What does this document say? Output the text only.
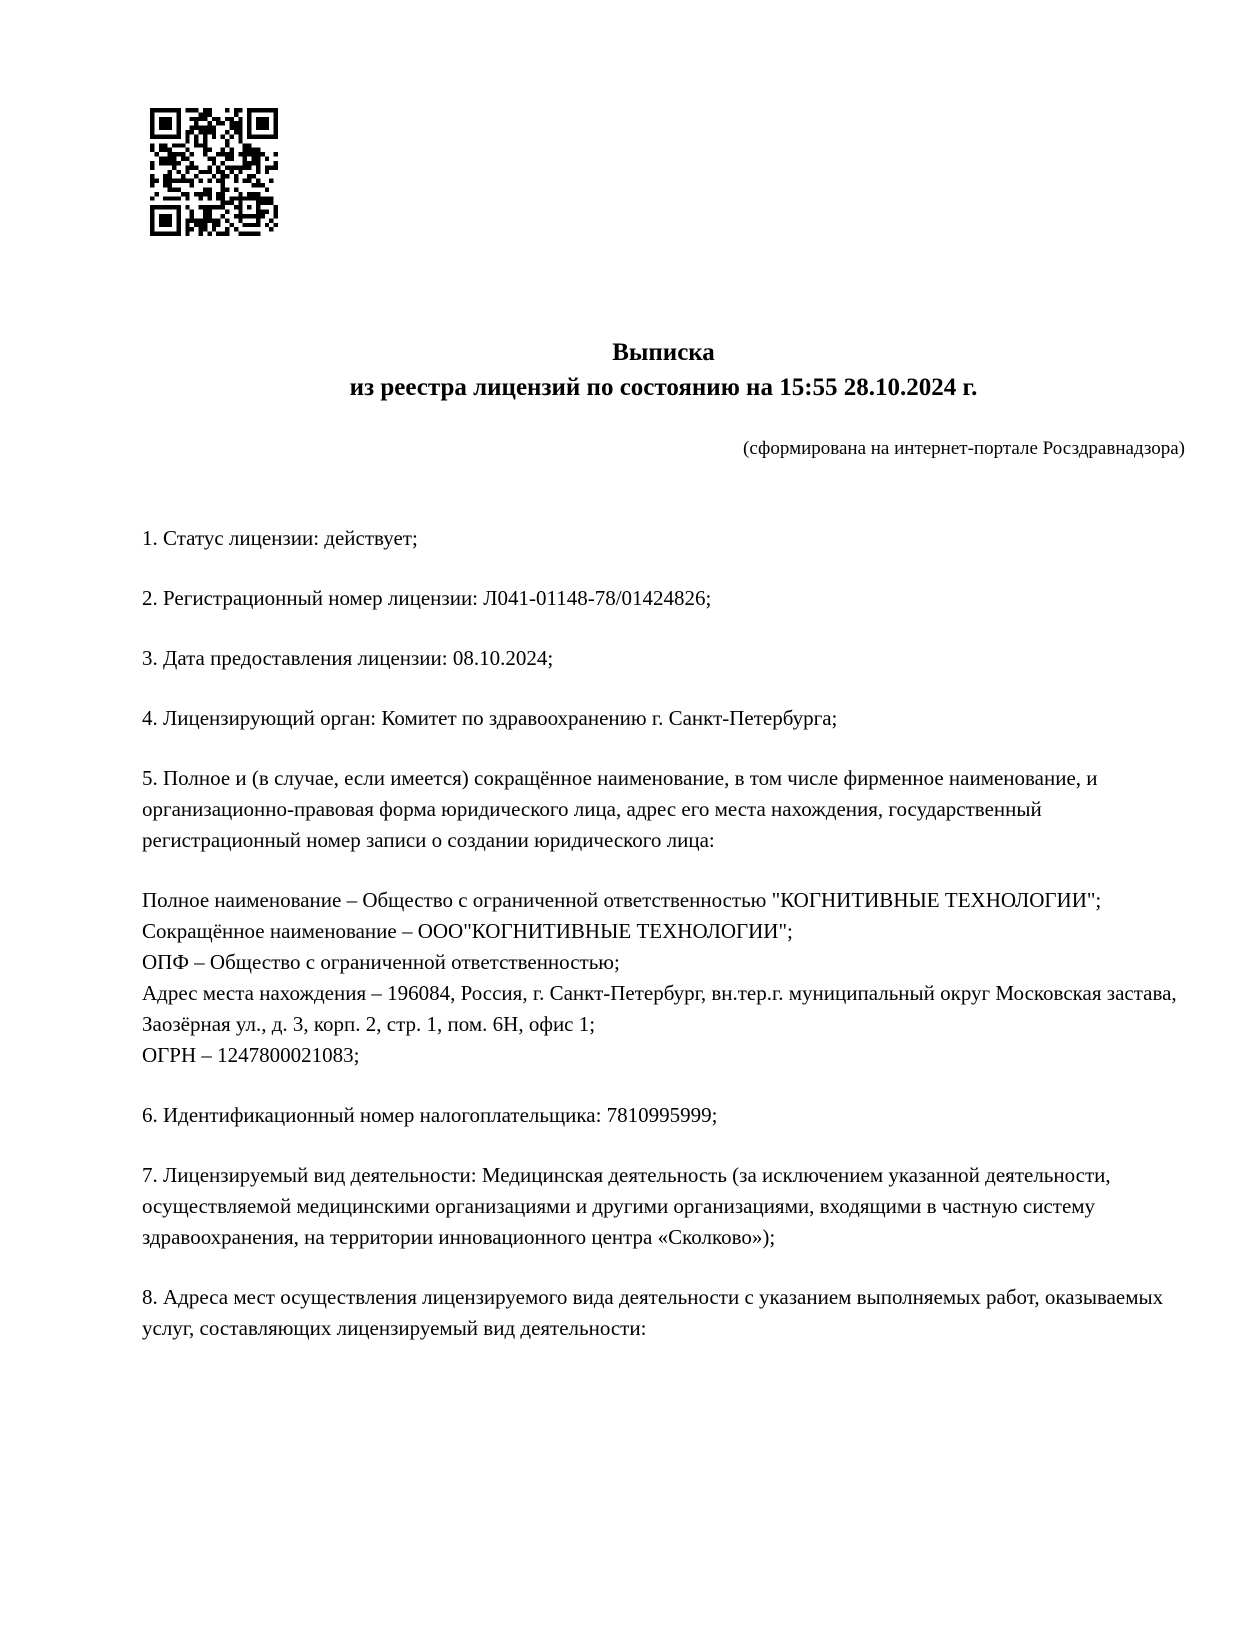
Выписка
из реестра лицензий по состоянию на 15:55 28.10.2024 г.
(сформирована на интернет-портале Росздравнадзора)

1. Статус лицензии: действует;

2. Регистрационный номер лицензии: Л041-01148-78/01424826;

3. Дата предоставления лицензии: 08.10.2024;

4. Лицензирующий орган: Комитет по здравоохранению г. Санкт-Петербурга;

5. Полное и (в случае, если имеется) сокращённое наименование, в том числе фирменное наименование, и организационно-правовая форма юридического лица, адрес его места нахождения, государственный регистрационный номер записи о создании юридического лица:

Полное наименование – Общество с ограниченной ответственностью "КОГНИТИВНЫЕ ТЕХНОЛОГИИ";
Сокращённое наименование – ООО"КОГНИТИВНЫЕ ТЕХНОЛОГИИ";
ОПФ – Общество с ограниченной ответственностью;
Адрес места нахождения – 196084, Россия, г. Санкт-Петербург, вн.тер.г. муниципальный округ Московская застава, Заозёрная ул., д. 3, корп. 2, стр. 1, пом. 6Н, офис 1;
ОГРН – 1247800021083;

6. Идентификационный номер налогоплательщика: 7810995999;

7. Лицензируемый вид деятельности: Медицинская деятельность (за исключением указанной деятельности, осуществляемой медицинскими организациями и другими организациями, входящими в частную систему здравоохранения, на территории инновационного центра «Сколково»);

8. Адреса мест осуществления лицензируемого вида деятельности с указанием выполняемых работ, оказываемых услуг, составляющих лицензируемый вид деятельности:
